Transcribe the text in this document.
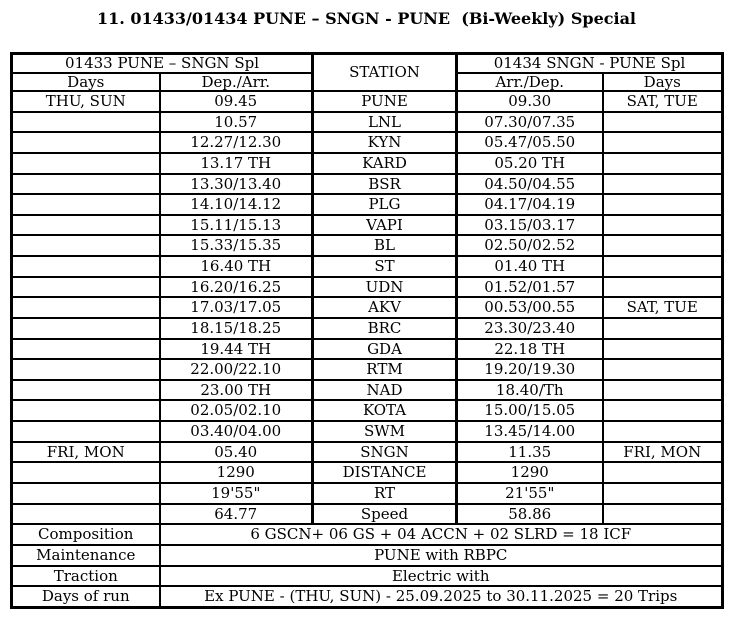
11. 01433/01434 PUNE – SNGN - PUNE  (Bi-Weekly) Special
01433 PUNE – SNGN Spl		STATION	01434 SNGN - PUNE Spl	
Days	Dep./Arr.		Arr./Dep.	Days
THU, SUN	09.45	PUNE	09.30	SAT, TUE
	10.57	LNL	07.30/07.35	
	12.27/12.30	KYN	05.47/05.50	
	13.17 TH	KARD	05.20 TH	
	13.30/13.40	BSR	04.50/04.55	
	14.10/14.12	PLG	04.17/04.19	
	15.11/15.13	VAPI	03.15/03.17	
	15.33/15.35	BL	02.50/02.52	
	16.40 TH	ST	01.40 TH	
	16.20/16.25	UDN	01.52/01.57	
	17.03/17.05	AKV	00.53/00.55	SAT, TUE
	18.15/18.25	BRC	23.30/23.40	
	19.44 TH	GDA	22.18 TH	
	22.00/22.10	RTM	19.20/19.30	
	23.00 TH	NAD	18.40/Th	
	02.05/02.10	KOTA	15.00/15.05	
	03.40/04.00	SWM	13.45/14.00	
FRI, MON	05.40	SNGN	11.35	FRI, MON
	1290	DISTANCE	1290	
	19'55"	RT	21'55"	
	64.77	Speed	58.86	
Composition	6 GSCN+ 06 GS + 04 ACCN + 02 SLRD = 18 ICF			
Maintenance	PUNE with RBPC			
Traction	Electric with			
Days of run	Ex PUNE - (THU, SUN) - 25.09.2025 to 30.11.2025 = 20 Trips			
